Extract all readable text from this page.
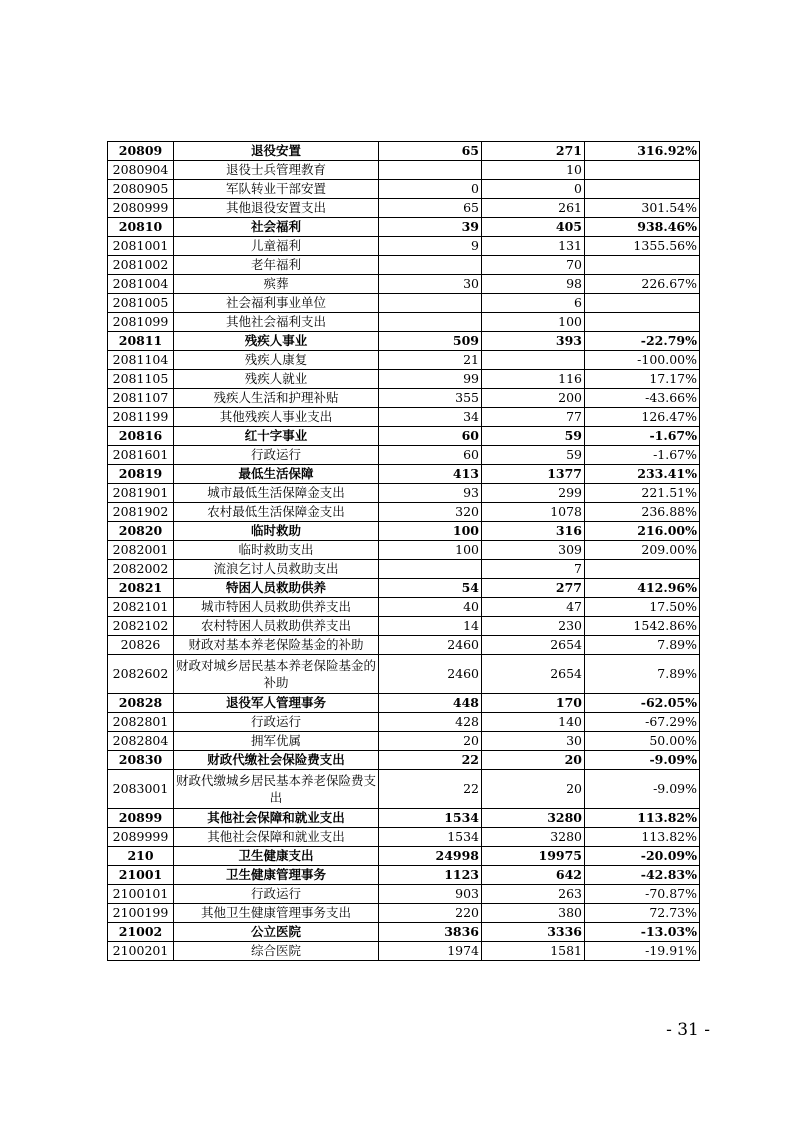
20809	退役安置	65	271	316.92%
2080904	退役士兵管理教育		10	
2080905	军队转业干部安置	0	0	
2080999	其他退役安置支出	65	261	301.54%
20810	社会福利	39	405	938.46%
2081001	儿童福利	9	131	1355.56%
2081002	老年福利		70	
2081004	殡葬	30	98	226.67%
2081005	社会福利事业单位		6	
2081099	其他社会福利支出		100	
20811	残疾人事业	509	393	-22.79%
2081104	残疾人康复	21		-100.00%
2081105	残疾人就业	99	116	17.17%
2081107	残疾人生活和护理补贴	355	200	-43.66%
2081199	其他残疾人事业支出	34	77	126.47%
20816	红十字事业	60	59	-1.67%
2081601	行政运行	60	59	-1.67%
20819	最低生活保障	413	1377	233.41%
2081901	城市最低生活保障金支出	93	299	221.51%
2081902	农村最低生活保障金支出	320	1078	236.88%
20820	临时救助	100	316	216.00%
2082001	临时救助支出	100	309	209.00%
2082002	流浪乞讨人员救助支出		7	
20821	特困人员救助供养	54	277	412.96%
2082101	城市特困人员救助供养支出	40	47	17.50%
2082102	农村特困人员救助供养支出	14	230	1542.86%
20826	财政对基本养老保险基金的补助	2460	2654	7.89%
2082602	财政对城乡居民基本养老保险基金的补助	2460	2654	7.89%
20828	退役军人管理事务	448	170	-62.05%
2082801	行政运行	428	140	-67.29%
2082804	拥军优属	20	30	50.00%
20830	财政代缴社会保险费支出	22	20	-9.09%
2083001	财政代缴城乡居民基本养老保险费支出	22	20	-9.09%
20899	其他社会保障和就业支出	1534	3280	113.82%
2089999	其他社会保障和就业支出	1534	3280	113.82%
210	卫生健康支出	24998	19975	-20.09%
21001	卫生健康管理事务	1123	642	-42.83%
2100101	行政运行	903	263	-70.87%
2100199	其他卫生健康管理事务支出	220	380	72.73%
21002	公立医院	3836	3336	-13.03%
2100201	综合医院	1974	1581	-19.91%
- 31 -
